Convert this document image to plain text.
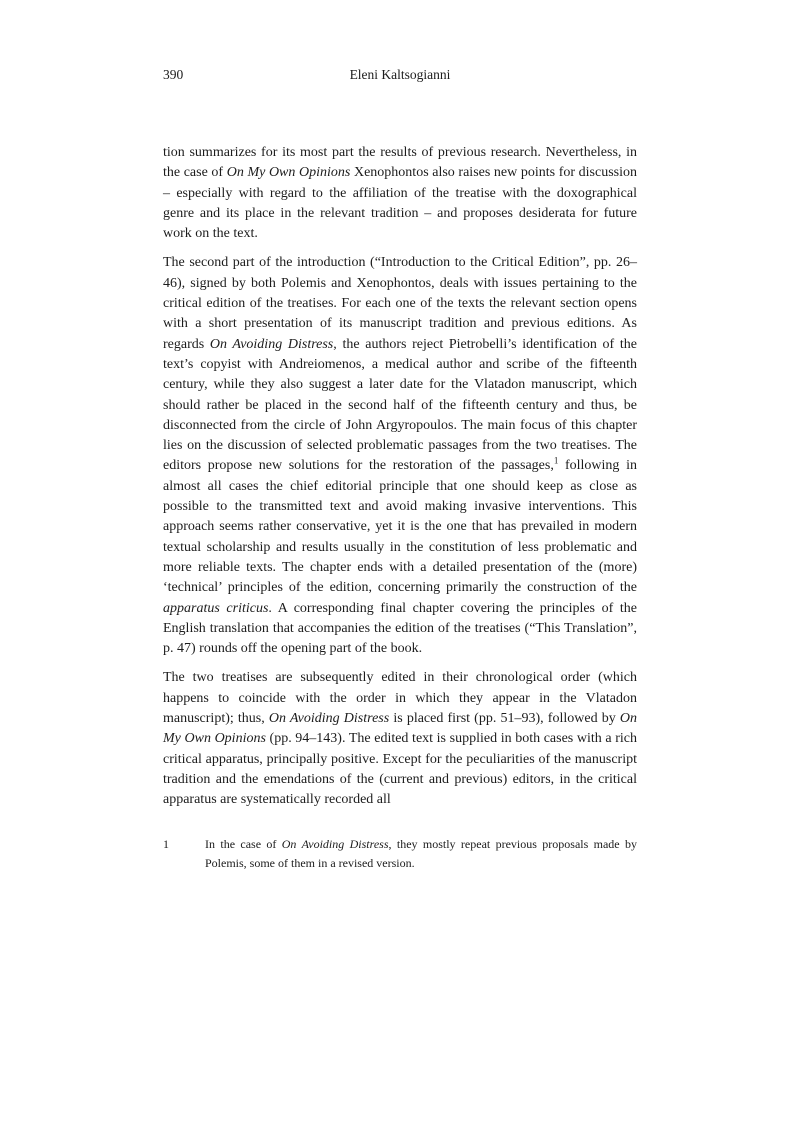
390	Eleni Kaltsogianni

tion summarizes for its most part the results of previous research. Nevertheless, in the case of On My Own Opinions Xenophontos also raises new points for discussion – especially with regard to the affiliation of the treatise with the doxographical genre and its place in the relevant tradition – and proposes desiderata for future work on the text.

The second part of the introduction (“Introduction to the Critical Edition”, pp. 26–46), signed by both Polemis and Xenophontos, deals with issues pertaining to the critical edition of the treatises. For each one of the texts the relevant section opens with a short presentation of its manuscript tradition and previous editions. As regards On Avoiding Distress, the authors reject Pietrobelli’s identification of the text’s copyist with Andreiomenos, a medical author and scribe of the fifteenth century, while they also suggest a later date for the Vlatadon manuscript, which should rather be placed in the second half of the fifteenth century and thus, be disconnected from the circle of John Argyropoulos. The main focus of this chapter lies on the discussion of selected problematic passages from the two treatises. The editors propose new solutions for the restoration of the passages,$^1$ following in almost all cases the chief editorial principle that one should keep as close as possible to the transmitted text and avoid making invasive interventions. This approach seems rather conservative, yet it is the one that has prevailed in modern textual scholarship and results usually in the constitution of less problematic and more reliable texts. The chapter ends with a detailed presentation of the (more) ‘technical’ principles of the edition, concerning primarily the construction of the apparatus criticus. A corresponding final chapter covering the principles of the English translation that accompanies the edition of the treatises (“This Translation”, p. 47) rounds off the opening part of the book.

The two treatises are subsequently edited in their chronological order (which happens to coincide with the order in which they appear in the Vlatadon manuscript); thus, On Avoiding Distress is placed first (pp. 51–93), followed by On My Own Opinions (pp. 94–143). The edited text is supplied in both cases with a rich critical apparatus, principally positive. Except for the peculiarities of the manuscript tradition and the emendations of the (current and previous) editors, in the critical apparatus are systematically recorded all

1	In the case of On Avoiding Distress, they mostly repeat previous proposals made by Polemis, some of them in a revised version.
